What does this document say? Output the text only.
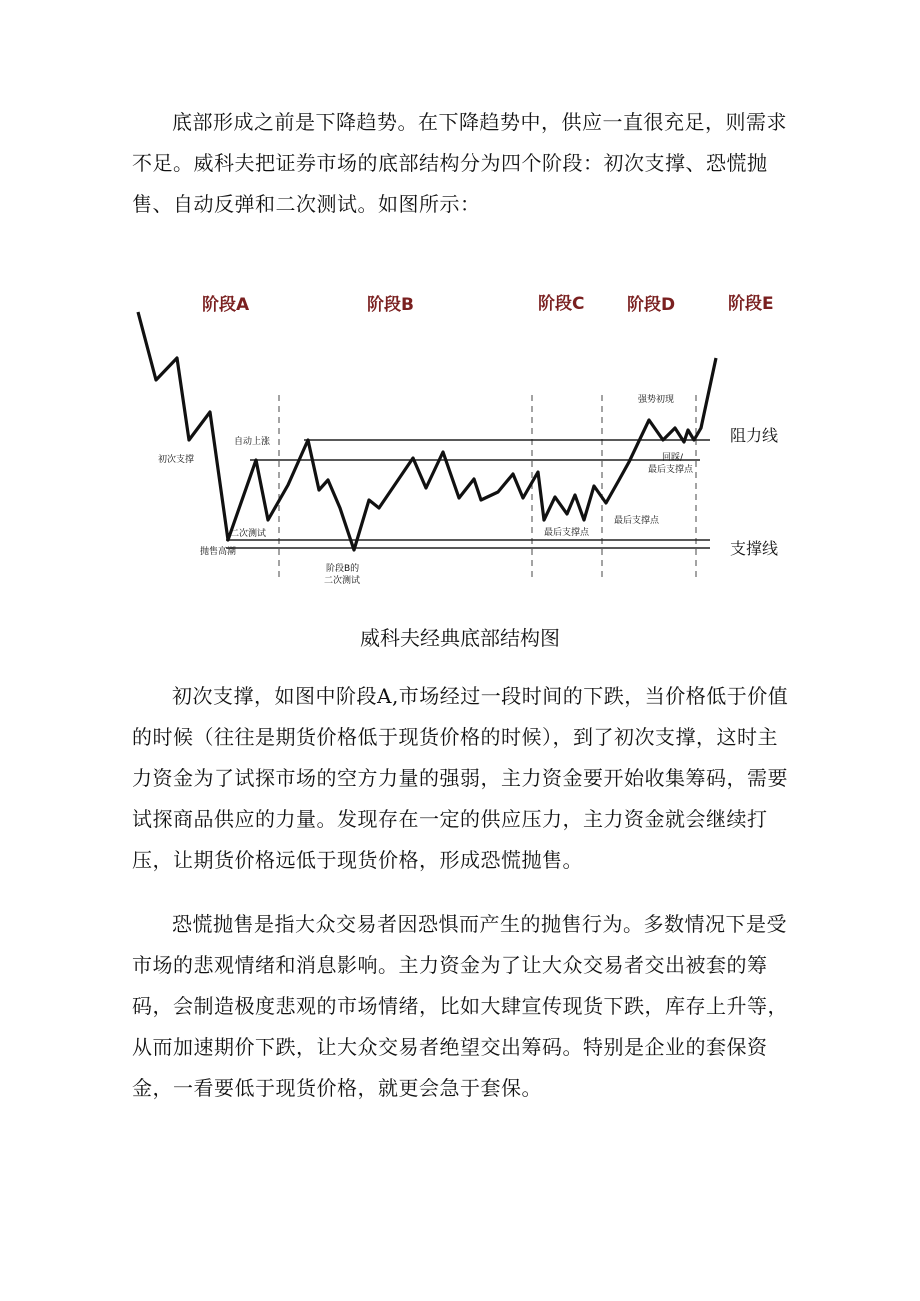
底部形成之前是下降趋势。在下降趋势中，供应一直很充足，则需求不足。威科夫把证券市场的底部结构分为四个阶段：初次支撑、恐慌抛售、自动反弹和二次测试。如图所示：

阶段A	阶段B	阶段C	阶段D	阶段E
初次支撑
自动上涨
二次测试
抛售高潮
阶段B的
二次测试
最后支撑点
最后支撑点
强势初现
回踩/
最后支撑点
阻力线
支撑线
威科夫经典底部结构图

初次支撑，如图中阶段A,市场经过一段时间的下跌，当价格低于价值的时候（往往是期货价格低于现货价格的时候），到了初次支撑，这时主力资金为了试探市场的空方力量的强弱，主力资金要开始收集筹码，需要试探商品供应的力量。发现存在一定的供应压力，主力资金就会继续打压，让期货价格远低于现货价格，形成恐慌抛售。

恐慌抛售是指大众交易者因恐惧而产生的抛售行为。多数情况下是受市场的悲观情绪和消息影响。主力资金为了让大众交易者交出被套的筹码，会制造极度悲观的市场情绪，比如大肆宣传现货下跌，库存上升等，从而加速期价下跌，让大众交易者绝望交出筹码。特别是企业的套保资金，一看要低于现货价格，就更会急于套保。
